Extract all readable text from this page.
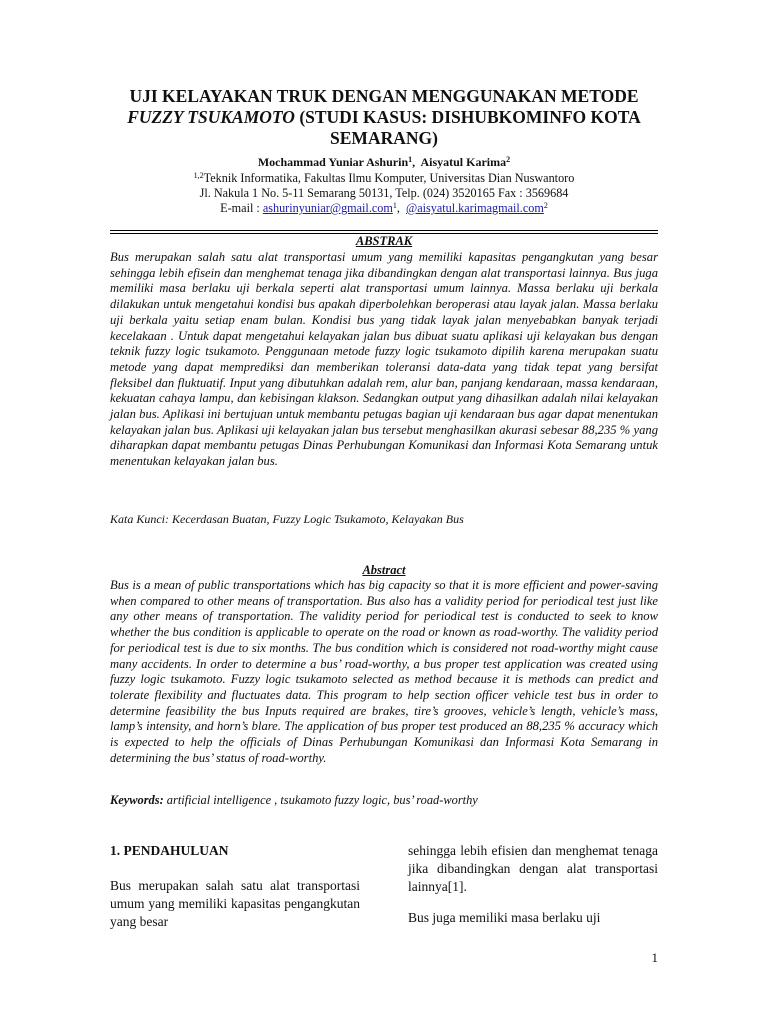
UJI KELAYAKAN TRUK DENGAN MENGGUNAKAN METODE
FUZZY TSUKAMOTO (STUDI KASUS: DISHUBKOMINFO KOTA SEMARANG)
Mochammad Yuniar Ashurin$^1$,  Aisyatul Karima$^2$
$^{1,2}$Teknik Informatika, Fakultas Ilmu Komputer, Universitas Dian Nuswantoro
Jl. Nakula 1 No. 5-11 Semarang 50131, Telp. (024) 3520165 Fax : 3569684
E-mail : ashurinyuniar@gmail.com$^1$,  @aisyatul.karimagmail.com$^2$
ABSTRAK
Bus merupakan salah satu alat transportasi umum yang memiliki kapasitas pengangkutan yang besar sehingga lebih efisein dan menghemat tenaga jika dibandingkan dengan alat transportasi lainnya. Bus juga memiliki masa berlaku uji berkala seperti alat transportasi umum lainnya. Massa berlaku uji berkala dilakukan untuk mengetahui kondisi bus apakah diperbolehkan beroperasi atau layak jalan. Massa berlaku uji berkala yaitu setiap enam bulan. Kondisi bus yang tidak layak jalan menyebabkan banyak terjadi kecelakaan . Untuk dapat mengetahui kelayakan jalan bus dibuat suatu aplikasi uji kelayakan bus dengan teknik fuzzy logic tsukamoto. Penggunaan metode fuzzy logic tsukamoto dipilih karena merupakan suatu metode yang dapat memprediksi dan memberikan toleransi data-data yang tidak tepat yang bersifat fleksibel dan fluktuatif. Input yang dibutuhkan adalah rem, alur ban, panjang kendaraan, massa kendaraan, kekuatan cahaya lampu, dan kebisingan klakson. Sedangkan output yang dihasilkan adalah nilai kelayakan jalan bus. Aplikasi ini bertujuan untuk membantu petugas bagian uji kendaraan bus agar dapat menentukan kelayakan jalan bus. Aplikasi uji kelayakan jalan bus tersebut menghasilkan akurasi sebesar 88,235 % yang diharapkan dapat membantu petugas Dinas Perhubungan Komunikasi dan Informasi Kota Semarang untuk menentukan kelayakan jalan bus.
Kata Kunci: Kecerdasan Buatan, Fuzzy Logic Tsukamoto, Kelayakan Bus
Abstract
Bus is a mean of public transportations which has big capacity so that it is more efficient and power-saving when compared to other means of transportation. Bus also has a validity period for periodical test just like any other means of transportation. The validity period for periodical test is conducted to seek to know whether the bus condition is applicable to operate on the road or known as road-worthy. The validity period for periodical test is due to six months. The bus condition which is considered not road-worthy might cause many accidents. In order to determine a bus’ road-worthy, a bus proper test application was created using fuzzy logic tsukamoto. Fuzzy logic tsukamoto selected as method because it is methods can predict and tolerate flexibility and fluctuates data. This program to help section officer vehicle test bus in order to determine feasibility the bus Inputs required are brakes, tire’s grooves, vehicle’s length, vehicle’s mass, lamp’s intensity, and horn’s blare. The application of bus proper test produced an 88,235 % accuracy which is expected to help the officials of Dinas Perhubungan Komunikasi dan Informasi Kota Semarang in determining the bus’ status of road-worthy.
Keywords: artificial intelligence , tsukamoto fuzzy logic, bus’ road-worthy
1. PENDAHULUAN
Bus merupakan salah satu alat transportasi umum yang memiliki kapasitas pengangkutan yang besar
sehingga lebih efisien dan menghemat tenaga jika dibandingkan dengan alat transportasi lainnya[1].
Bus juga memiliki masa berlaku uji
1
